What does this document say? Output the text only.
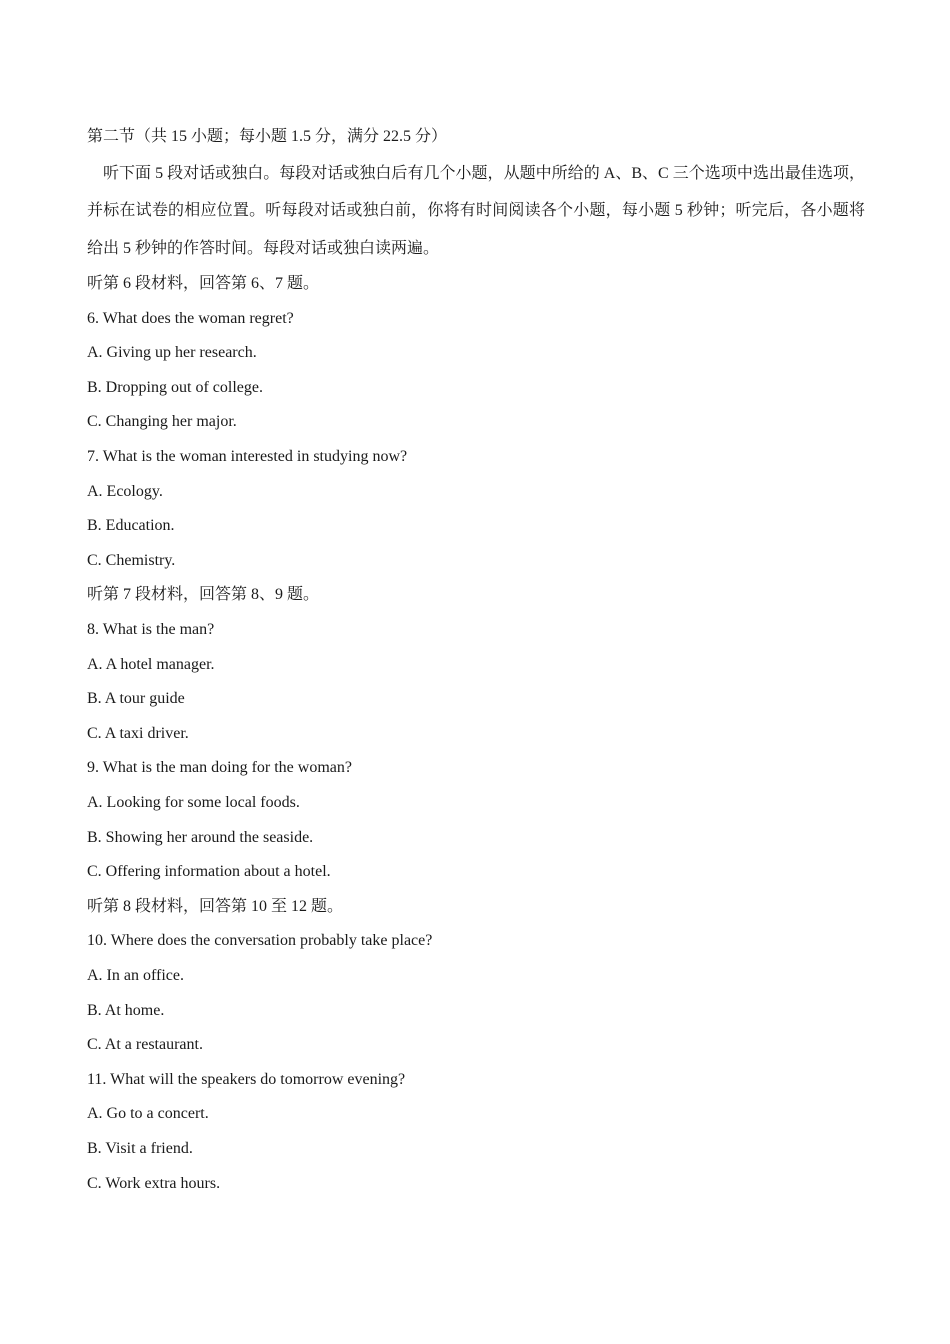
第二节（共 15 小题；每小题 1.5 分，满分 22.5 分）

听下面 5 段对话或独白。每段对话或独白后有几个小题，从题中所给的 A、B、C 三个选项中选出最佳选项，并标在试卷的相应位置。听每段对话或独白前，你将有时间阅读各个小题，每小题 5 秒钟；听完后，各小题将给出 5 秒钟的作答时间。每段对话或独白读两遍。

听第 6 段材料，回答第 6、7 题。
6. What does the woman regret?
A. Giving up her research.
B. Dropping out of college.
C. Changing her major.
7. What is the woman interested in studying now?
A. Ecology.
B. Education.
C. Chemistry.
听第 7 段材料，回答第 8、9 题。
8. What is the man?
A. A hotel manager.
B. A tour guide
C. A taxi driver.
9. What is the man doing for the woman?
A. Looking for some local foods.
B. Showing her around the seaside.
C. Offering information about a hotel.
听第 8 段材料，回答第 10 至 12 题。
10. Where does the conversation probably take place?
A. In an office.
B. At home.
C. At a restaurant.
11. What will the speakers do tomorrow evening?
A. Go to a concert.
B. Visit a friend.
C. Work extra hours.
